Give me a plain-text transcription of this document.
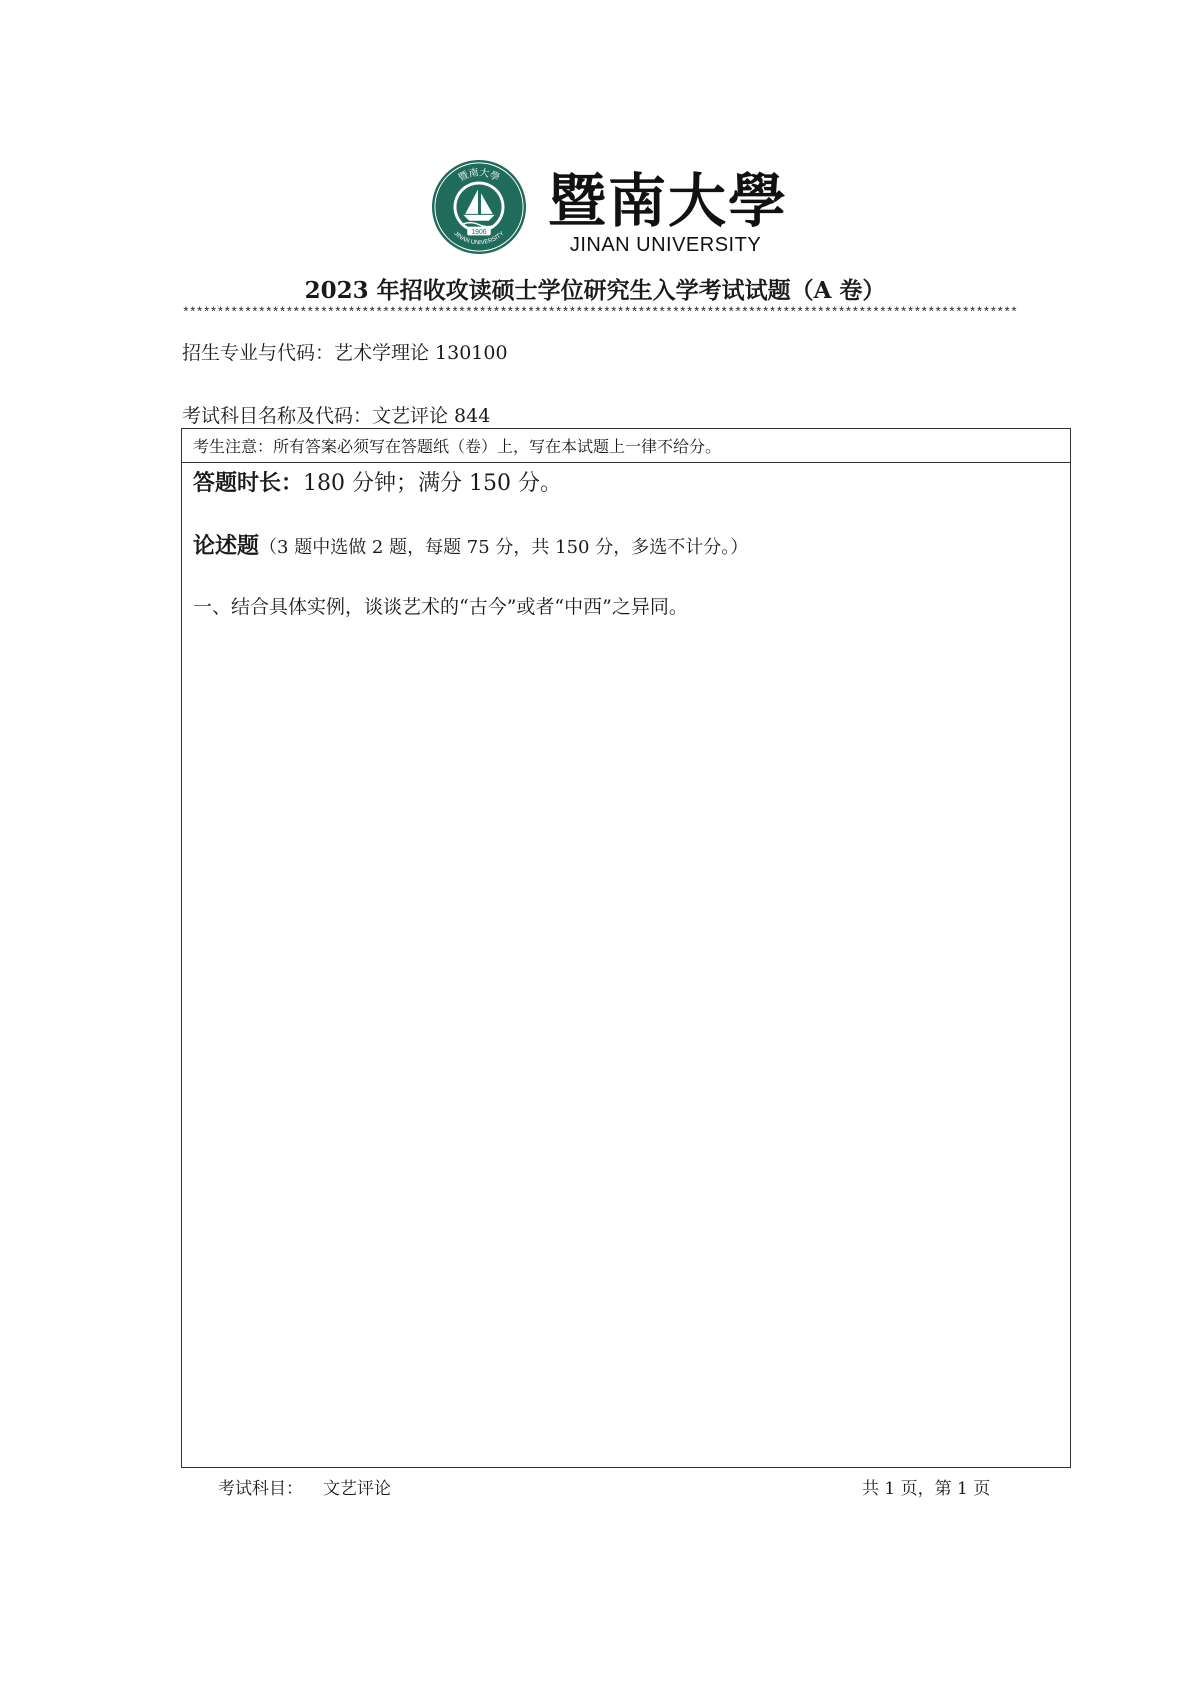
1906
暨南大學
JINAN UNIVERSITY 暨南大學
JINAN UNIVERSITY
2023 年招收攻读硕士学位研究生入学考试试题（A 卷）
*************************************************************************************************************************
招生专业与代码：艺术学理论 130100
考试科目名称及代码：文艺评论 844
考生注意：所有答案必须写在答题纸（卷）上，写在本试题上一律不给分。
答题时长：180 分钟；满分 150 分。
论述题（3 题中选做 2 题，每题 75 分，共 150 分，多选不计分。）
一、结合具体实例，谈谈艺术的“古今”或者“中西”之异同。
考试科目： 文艺评论	共 1 页，第 1 页
